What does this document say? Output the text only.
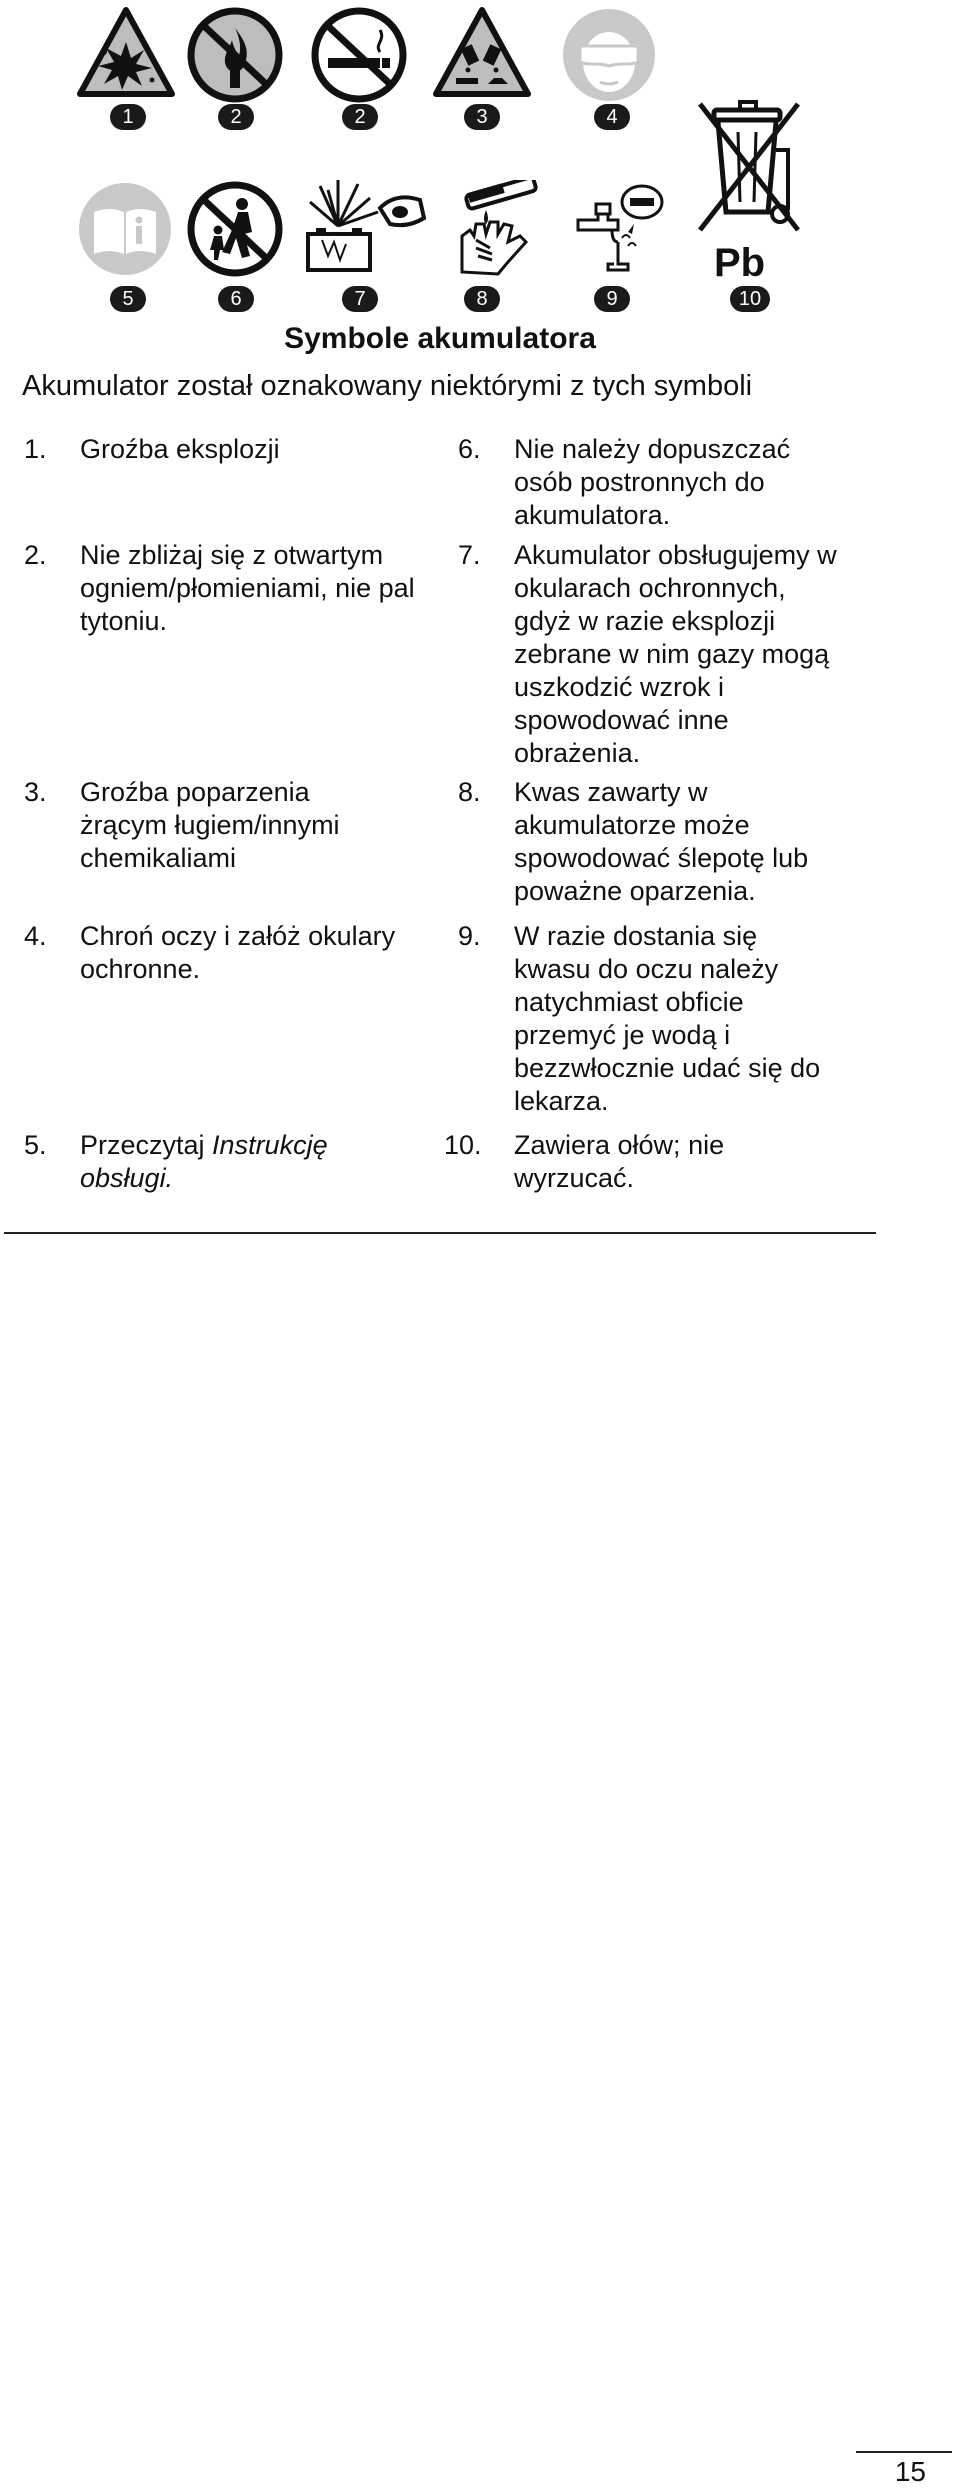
1	2	2	3	4
Pb
5	6	7	8	9	10
Symbole akumulatora
Akumulator został oznakowany niektórymi z tych symboli
1. Groźba eksplozji
2. Nie zbliżaj się z otwartym ogniem/płomieniami, nie pal tytoniu.
3. Groźba poparzenia żrącym ługiem/innymi chemikaliami
4. Chroń oczy i załóż okulary ochronne.
5. Przeczytaj Instrukcję obsługi.
6. Nie należy dopuszczać osób postronnych do akumulatora.
7. Akumulator obsługujemy w okularach ochronnych, gdyż w razie eksplozji zebrane w nim gazy mogą uszkodzić wzrok i spowodować inne obrażenia.
8. Kwas zawarty w akumulatorze może spowodować ślepotę lub poważne oparzenia.
9. W razie dostania się kwasu do oczu należy natychmiast obficie przemyć je wodą i bezzwłocznie udać się do lekarza.
10. Zawiera ołów; nie wyrzucać.
15
